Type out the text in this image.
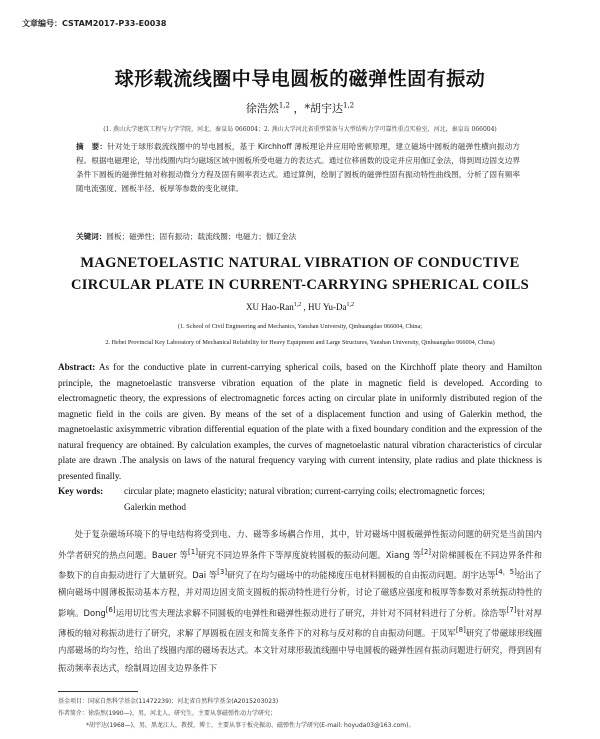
文章编号：CSTAM2017-P33-E0038
球形载流线圈中导电圆板的磁弹性固有振动
徐浩然$^{1,2}$ ，*胡宇达$^{1,2}$
(1. 燕山大学建筑工程与力学学院，河北，秦皇岛 066004；2. 燕山大学河北省重型装备与大型结构力学可靠性重点实验室，河北，秦皇岛 066004)
摘　要：针对处于球形载流线圈中的导电圆板，基于 Kirchhoff 薄板理论并应用哈密顿原理，建立磁场中圆板的磁弹性横向振动方程。根据电磁理论，导出线圈内均匀磁场区域中圆板所受电磁力的表达式。通过位移函数的设定并应用伽辽金法，得到周边固支边界条件下圆板的磁弹性轴对称振动微分方程及固有频率表达式。通过算例，绘制了圆板的磁弹性固有振动特性曲线图，分析了固有频率随电流强度、圆板半径、板厚等参数的变化规律。
关键词：圆板；磁弹性；固有振动；载流线圈；电磁力；伽辽金法
MAGNETOELASTIC NATURAL VIBRATION OF CONDUCTIVE
CIRCULAR PLATE IN CURRENT-CARRYING SPHERICAL COILS
XU Hao-Ran$^{1,2}$ , HU Yu-Da$^{1,2}$
(1. School of Civil Engineering and Mechanics, Yanshan University, Qinhuangdao 066004, China;
2. Hebei Provincial Key Laboratory of Mechanical Reliability for Heavy Equipment and Large Structures, Yanshan University, Qinhuangdao 066004, China)
Abstract: As for the conductive plate in current-carrying spherical coils, based on the Kirchhoff plate theory and Hamilton principle, the magnetoelastic transverse vibration equation of the plate in magnetic field is developed. According to electromagnetic theory, the expressions of electromagnetic forces acting on circular plate in uniformly distributed region of the magnetic field in the coils are given. By means of the set of a displacement function and using of Galerkin method, the magnetoelastic axisymmetric vibration differential equation of the plate with a fixed boundary condition and the expression of the natural frequency are obtained. By calculation examples, the curves of magnetoelastic natural vibration characteristics of circular plate are drawn .The analysis on laws of the natural frequency varying with current intensity, plate radius and plate thickness is presented finally.
Key words: circular plate; magneto elasticity; natural vibration; current-carrying coils; electromagnetic forces;
Galerkin method
处于复杂磁场环境下的导电结构将受到电、力、磁等多场耦合作用，其中，针对磁场中圆板磁弹性振动问题的研究是当前国内外学者研究的热点问题。Bauer 等[1]研究不同边界条件下等厚度旋转圆板的振动问题。Xiang 等[2]对阶梯圆板在不同边界条件和参数下的自由振动进行了大量研究。Dai 等[3]研究了在均匀磁场中的功能梯度压电材料圆板的自由振动问题。胡宇达等[4，5]给出了横向磁场中圆薄板振动基本方程，并对周边固支简支圆板的振动特性进行分析，讨论了磁感应强度和板厚等参数对系统振动特性的影响。Dong[6]运用切比雪夫理法求解不同圆板的电弹性和磁弹性振动进行了研究，并针对不同材料进行了分析。徐浩等[7]针对厚薄板的轴对称振动进行了研究，求解了厚圆板在固支和简支条件下的对称与反对称的自由振动问题。于凤军[8]研究了带磁球形线圈内部磁场的均匀性，给出了线圈内部的磁场表达式。本文针对球形载流线圈中导电圆板的磁弹性固有振动问题进行研究，得到固有振动频率表达式，绘制周边固支边界条件下
基金项目：国家自然科学基金(11472239)；河北省自然科学基金(A2015203023)
作者简介：徐浩然(1990—)，男，河北人，研究生，主要从事磁弹性动力学研究；
*胡宇达(1968—)，男，黑龙江人，教授，博士，主要从事于板壳振动、磁弹性力学研究(E-mail: hoyuda03@163.com)。
